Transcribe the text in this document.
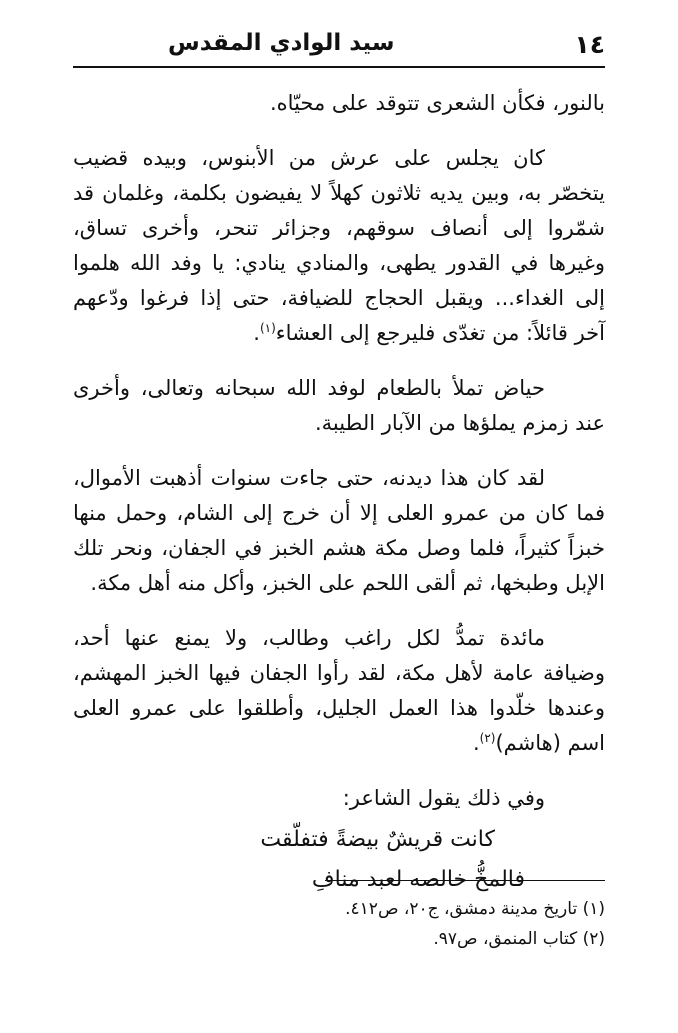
١٤
سيد الوادي المقدس

بالنور، فكأن الشعرى تتوقد على محيّاه.

كان يجلس على عرش من الأبنوس، وبيده قضيب يتخصّر به، وبين يديه ثلاثون كهلاً لا يفيضون بكلمة، وغلمان قد شمّروا إلى أنصاف سوقهم، وجزائر تنحر، وأخرى تساق، وغيرها في القدور يطهى، والمنادي ينادي: يا وفد الله هلموا إلى الغداء... ويقبل الحجاج للضيافة، حتى إذا فرغوا ودّعهم آخر قائلاً: من تغدّى فليرجع إلى العشاء$^{(١)}$.

حياض تملأ بالطعام لوفد الله سبحانه وتعالى، وأخرى عند زمزم يملؤها من الآبار الطيبة.

لقد كان هذا ديدنه، حتى جاءت سنوات أذهبت الأموال، فما كان من عمرو العلى إلا أن خرج إلى الشام، وحمل منها خبزاً كثيراً، فلما وصل مكة هشم الخبز في الجفان، ونحر تلك الإبل وطبخها، ثم ألقى اللحم على الخبز، وأكل منه أهل مكة.

مائدة تمدُّ لكل راغب وطالب، ولا يمنع عنها أحد، وضيافة عامة لأهل مكة، لقد رأوا الجفان فيها الخبز المهشم، وعندها خلّدوا هذا العمل الجليل، وأطلقوا على عمرو العلى اسم (هاشم)$^{(٢)}$.

وفي ذلك يقول الشاعر:

كانت قريشٌ بيضةً فتفلّقت
فالمخُّ خالصه لعبد منافِ

(١) تاريخ مدينة دمشق، ج٢٠، ص٤١٢.

(٢) كتاب المنمق، ص٩٧.
